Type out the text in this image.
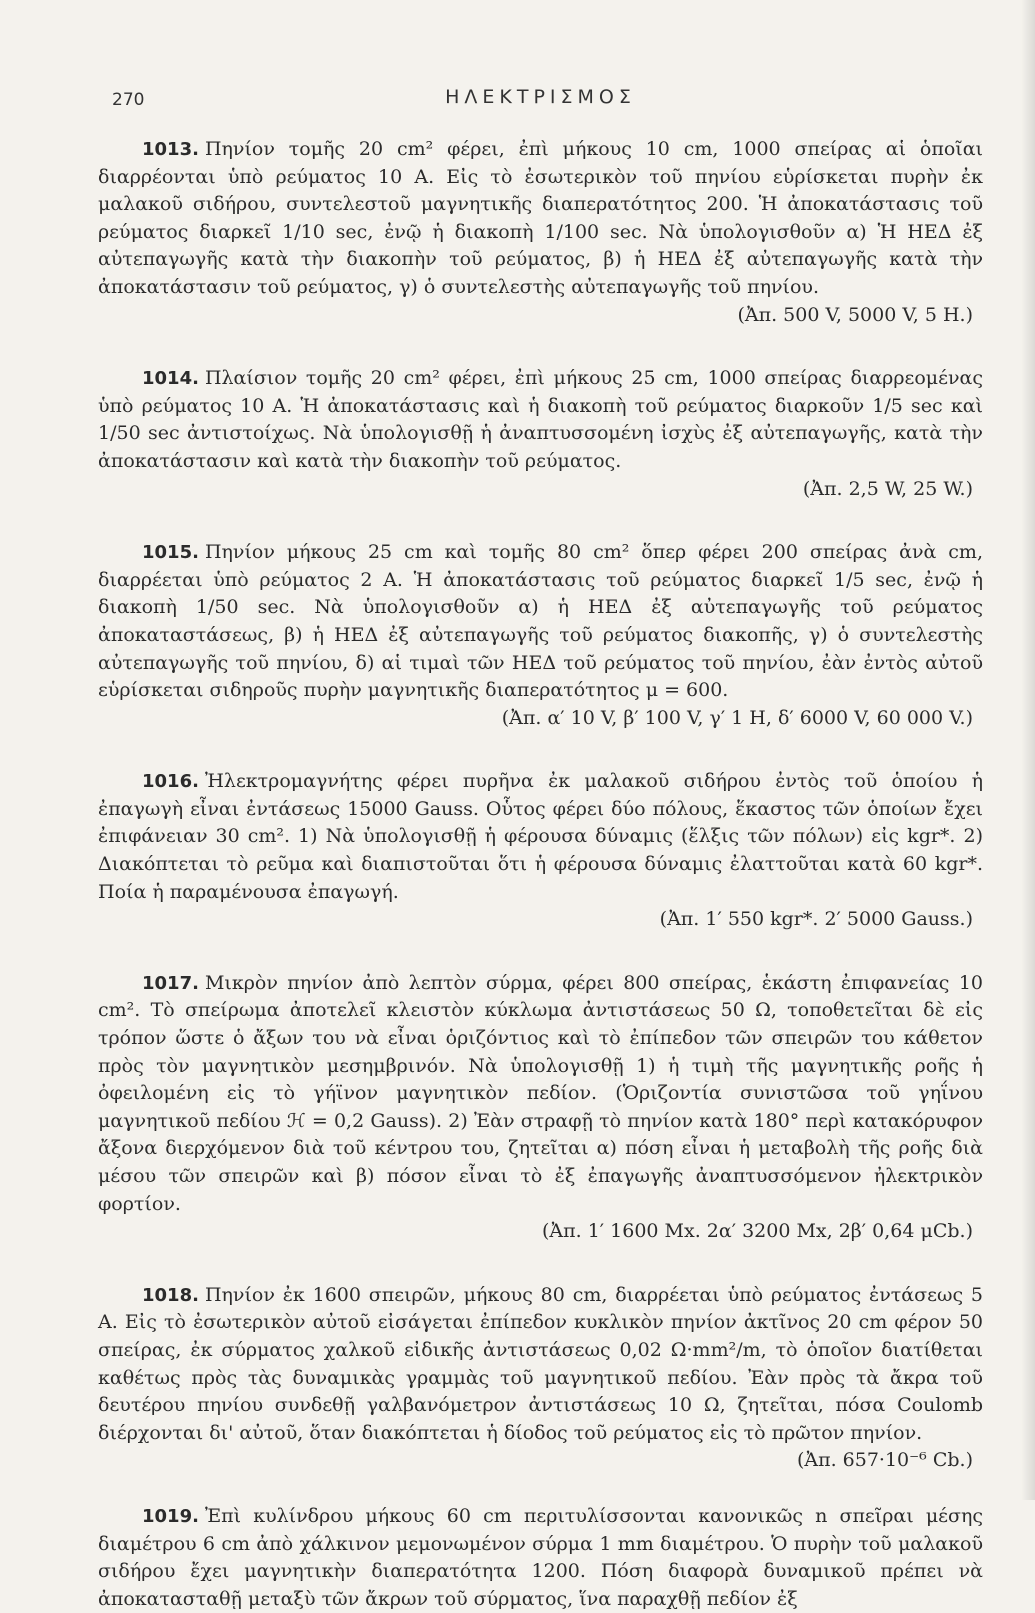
270	ΗΛΕΚΤΡΙΣΜΟΣ

1013. Πηνίον τομῆς 20 cm² φέρει, ἐπὶ μήκους 10 cm, 1000 σπείρας αἱ ὁποῖαι διαρρέονται ὑπὸ ρεύματος 10 A. Εἰς τὸ ἐσωτερικὸν τοῦ πηνίου εὑρίσκεται πυρὴν ἐκ μαλακοῦ σιδήρου, συντελεστοῦ μαγνητικῆς διαπερατότητος 200. Ἡ ἀποκατάστασις τοῦ ρεύματος διαρκεῖ 1/10 sec, ἐνῷ ἡ διακοπὴ 1/100 sec. Νὰ ὑπολογισθοῦν α) Ἡ ΗΕΔ ἐξ αὐτεπαγωγῆς κατὰ τὴν διακοπὴν τοῦ ρεύματος, β) ἡ ΗΕΔ ἐξ αὐτεπαγωγῆς κατὰ τὴν ἀποκατάστασιν τοῦ ρεύματος, γ) ὁ συντελεστὴς αὐτεπαγωγῆς τοῦ πηνίου.

(Ἀπ. 500 V, 5000 V, 5 H.)

1014. Πλαίσιον τομῆς 20 cm² φέρει, ἐπὶ μήκους 25 cm, 1000 σπείρας διαρρεομένας ὑπὸ ρεύματος 10 A. Ἡ ἀποκατάστασις καὶ ἡ διακοπὴ τοῦ ρεύματος διαρκοῦν 1/5 sec καὶ 1/50 sec ἀντιστοίχως. Νὰ ὑπολογισθῇ ἡ ἀναπτυσσομένη ἰσχὺς ἐξ αὐτεπαγωγῆς, κατὰ τὴν ἀποκατάστασιν καὶ κατὰ τὴν διακοπὴν τοῦ ρεύματος.

(Ἀπ. 2,5 W, 25 W.)

1015. Πηνίον μήκους 25 cm καὶ τομῆς 80 cm² ὅπερ φέρει 200 σπείρας ἀνὰ cm, διαρρέεται ὑπὸ ρεύματος 2 A. Ἡ ἀποκατάστασις τοῦ ρεύματος διαρκεῖ 1/5 sec, ἐνῷ ἡ διακοπὴ 1/50 sec. Νὰ ὑπολογισθοῦν α) ἡ ΗΕΔ ἐξ αὐτεπαγωγῆς τοῦ ρεύματος ἀποκαταστάσεως, β) ἡ ΗΕΔ ἐξ αὐτεπαγωγῆς τοῦ ρεύματος διακοπῆς, γ) ὁ συντελεστὴς αὐτεπαγωγῆς τοῦ πηνίου, δ) αἱ τιμαὶ τῶν ΗΕΔ τοῦ ρεύματος τοῦ πηνίου, ἐὰν ἐντὸς αὐτοῦ εὑρίσκεται σιδηροῦς πυρὴν μαγνητικῆς διαπερατότητος μ = 600.

(Ἀπ. α′ 10 V, β′ 100 V, γ′ 1 H, δ′ 6000 V, 60 000 V.)

1016. Ἠλεκτρομαγνήτης φέρει πυρῆνα ἐκ μαλακοῦ σιδήρου ἐντὸς τοῦ ὁποίου ἡ ἐπαγωγὴ εἶναι ἐντάσεως 15000 Gauss. Οὗτος φέρει δύο πόλους, ἕκαστος τῶν ὁποίων ἔχει ἐπιφάνειαν 30 cm². 1) Νὰ ὑπολογισθῇ ἡ φέρουσα δύναμις (ἕλξις τῶν πόλων) εἰς kgr*. 2) Διακόπτεται τὸ ρεῦμα καὶ διαπιστοῦται ὅτι ἡ φέρουσα δύναμις ἐλαττοῦται κατὰ 60 kgr*. Ποία ἡ παραμένουσα ἐπαγωγή.

(Ἀπ. 1′ 550 kgr*. 2′ 5000 Gauss.)

1017. Μικρὸν πηνίον ἀπὸ λεπτὸν σύρμα, φέρει 800 σπείρας, ἑκάστη ἐπιφανείας 10 cm². Τὸ σπείρωμα ἀποτελεῖ κλειστὸν κύκλωμα ἀντιστάσεως 50 Ω, τοποθετεῖται δὲ εἰς τρόπον ὥστε ὁ ἄξων του νὰ εἶναι ὁριζόντιος καὶ τὸ ἐπίπεδον τῶν σπειρῶν του κάθετον πρὸς τὸν μαγνητικὸν μεσημβρινόν. Νὰ ὑπολογισθῇ 1) ἡ τιμὴ τῆς μαγνητικῆς ροῆς ἡ ὀφειλομένη εἰς τὸ γήϊνον μαγνητικὸν πεδίον. (Ὁριζοντία συνιστῶσα τοῦ γηΐνου μαγνητικοῦ πεδίου ℋ = 0,2 Gauss). 2) Ἐὰν στραφῇ τὸ πηνίον κατὰ 180° περὶ κατακόρυφον ἄξονα διερχόμενον διὰ τοῦ κέντρου του, ζητεῖται α) πόση εἶναι ἡ μεταβολὴ τῆς ροῆς διὰ μέσου τῶν σπειρῶν καὶ β) πόσον εἶναι τὸ ἐξ ἐπαγωγῆς ἀναπτυσσόμενον ἠλεκτρικὸν φορτίον.

(Ἀπ. 1′ 1600 Mx. 2α′ 3200 Mx, 2β′ 0,64 μCb.)

1018. Πηνίον ἐκ 1600 σπειρῶν, μήκους 80 cm, διαρρέεται ὑπὸ ρεύματος ἐντάσεως 5 A. Εἰς τὸ ἐσωτερικὸν αὐτοῦ εἰσάγεται ἐπίπεδον κυκλικὸν πηνίον ἀκτῖνος 20 cm φέρον 50 σπείρας, ἐκ σύρματος χαλκοῦ εἰδικῆς ἀντιστάσεως 0,02 Ω·mm²/m, τὸ ὁποῖον διατίθεται καθέτως πρὸς τὰς δυναμικὰς γραμμὰς τοῦ μαγνητικοῦ πεδίου. Ἐὰν πρὸς τὰ ἄκρα τοῦ δευτέρου πηνίου συνδεθῇ γαλβανόμετρον ἀντιστάσεως 10 Ω, ζητεῖται, πόσα Coulomb διέρχονται δι' αὐτοῦ, ὅταν διακόπτεται ἡ δίοδος τοῦ ρεύματος εἰς τὸ πρῶτον πηνίον.

(Ἀπ. 657·10⁻⁶ Cb.)

1019. Ἐπὶ κυλίνδρου μήκους 60 cm περιτυλίσσονται κανονικῶς n σπεῖραι μέσης διαμέτρου 6 cm ἀπὸ χάλκινον μεμονωμένον σύρμα 1 mm διαμέτρου. Ὁ πυρὴν τοῦ μαλακοῦ σιδήρου ἔχει μαγνητικὴν διαπερατότητα 1200. Πόση διαφορὰ δυναμικοῦ πρέπει νὰ ἀποκατασταθῇ μεταξὺ τῶν ἄκρων τοῦ σύρματος, ἵνα παραχθῇ πεδίον ἐξ
